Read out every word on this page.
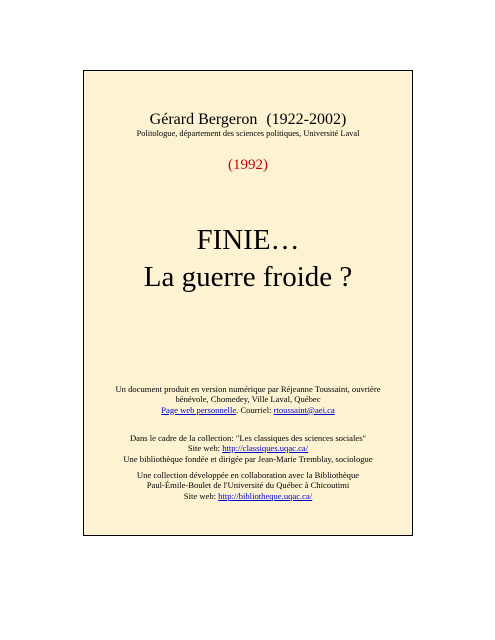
Gérard Bergeron (1922-2002)
Politologue, département des sciences politiques, Université Laval
(1992)
FINIE…
La guerre froide ?
Un document produit en version numérique par Réjeanne Toussaint, ouvrière
bénévole, Chomedey, Ville Laval, Québec
Page web personnelle. Courriel: rtoussaint@aei.ca
Dans le cadre de la collection: "Les classiques des sciences sociales"
Site web: http://classiques.uqac.ca/
Une bibliothèque fondée et dirigée par Jean-Marie Tremblay, sociologue
Une collection développée en collaboration avec la Bibliothèque
Paul-Émile-Boulet de l'Université du Québec à Chicoutimi
Site web: http://bibliotheque.uqac.ca/
